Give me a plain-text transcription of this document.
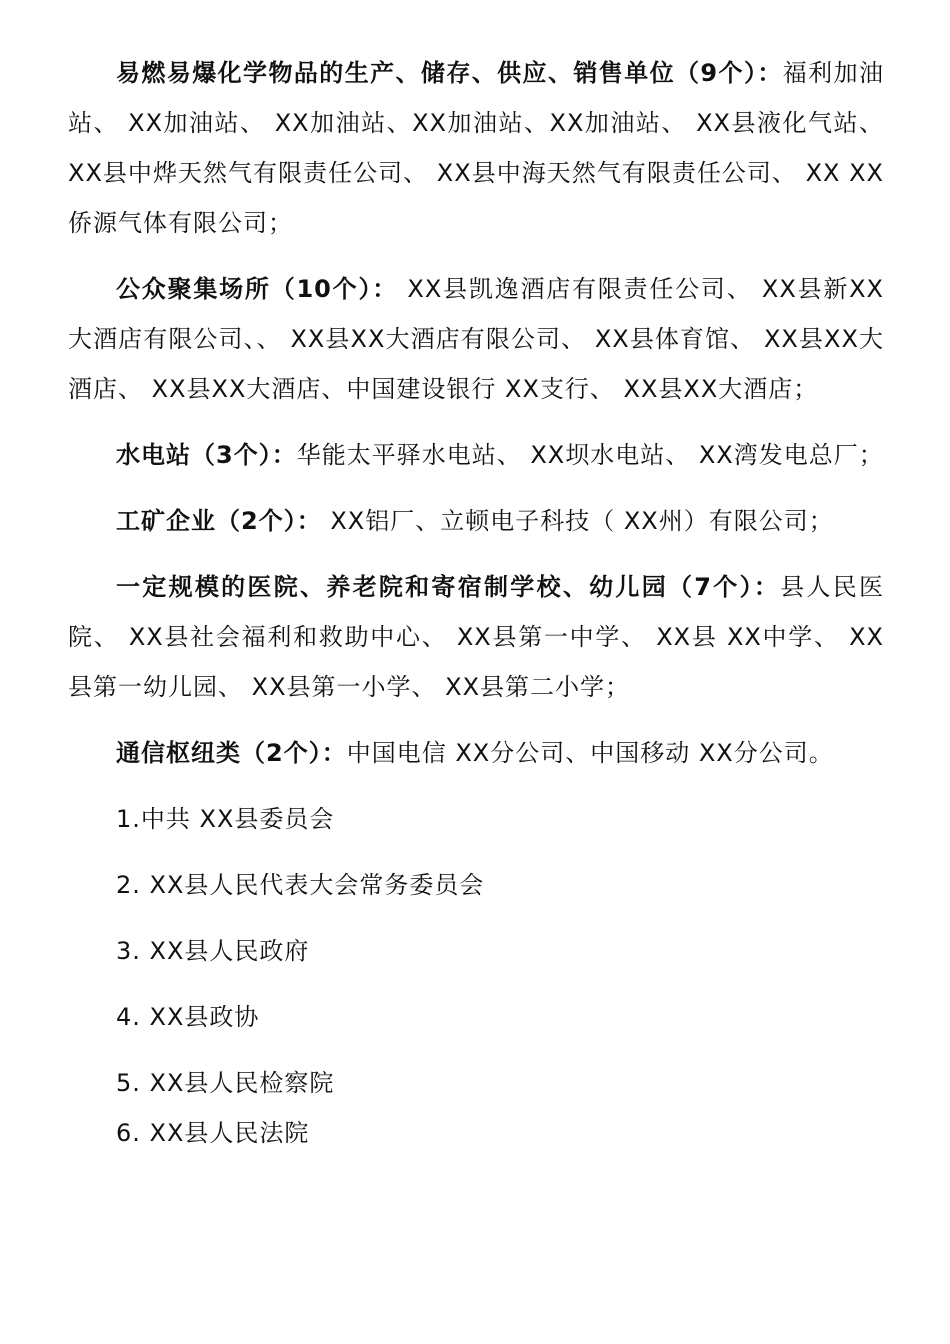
易燃易爆化学物品的生产、储存、供应、销售单位（9个）：福利加油站、 XX加油站、 XX加油站、XX加油站、XX加油站、 XX县液化气站、 XX县中烨天然气有限责任公司、 XX县中海天然气有限责任公司、 XX XX侨源气体有限公司；

公众聚集场所（10个）： XX县凯逸酒店有限责任公司、 XX县新XX大酒店有限公司、、 XX县XX大酒店有限公司、 XX县体育馆、 XX县XX大酒店、 XX县XX大酒店、中国建设银行 XX支行、 XX县XX大酒店；

水电站（3个）：华能太平驿水电站、 XX坝水电站、 XX湾发电总厂；

工矿企业（2个）： XX铝厂、立顿电子科技（ XX州）有限公司；

一定规模的医院、养老院和寄宿制学校、幼儿园（7个）：县人民医院、 XX县社会福利和救助中心、 XX县第一中学、 XX县 XX中学、 XX县第一幼儿园、 XX县第一小学、 XX县第二小学；

通信枢纽类（2个）：中国电信 XX分公司、中国移动 XX分公司。

1.中共 XX县委员会
2. XX县人民代表大会常务委员会
3. XX县人民政府
4. XX县政协
5. XX县人民检察院
6. XX县人民法院
